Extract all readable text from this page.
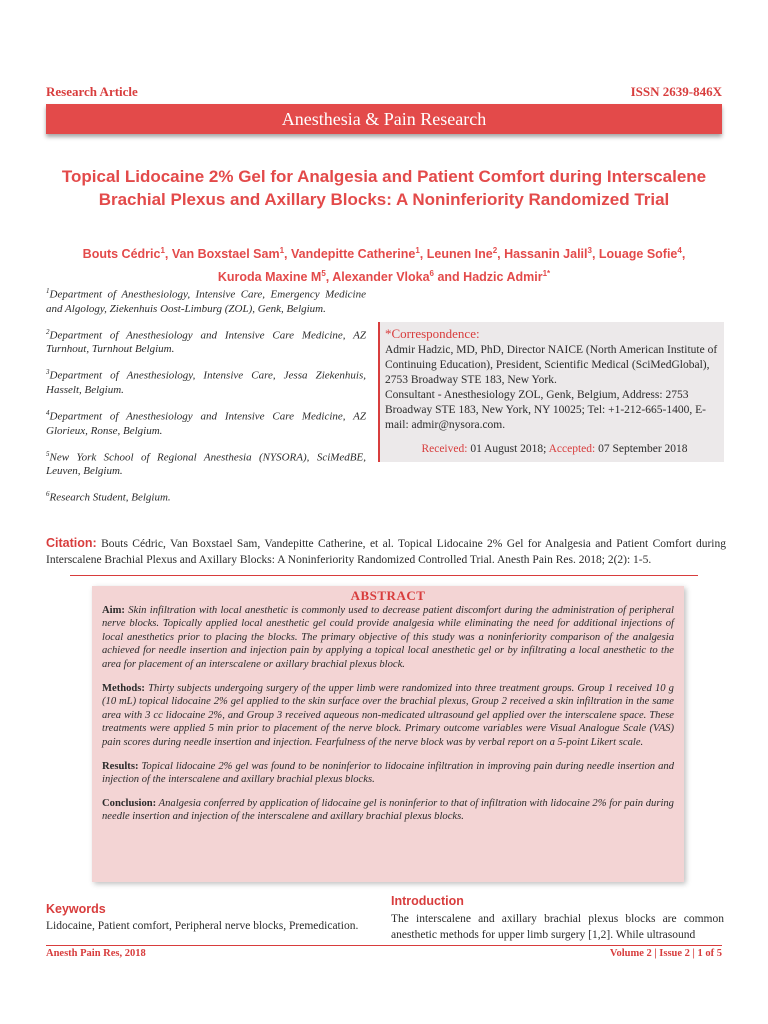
Research Article	ISSN 2639-846X
Anesthesia & Pain Research
Topical Lidocaine 2% Gel for Analgesia and Patient Comfort during Interscalene Brachial Plexus and Axillary Blocks: A Noninferiority Randomized Trial
Bouts Cédric$^1$, Van Boxstael Sam$^1$, Vandepitte Catherine$^1$, Leunen Ine$^2$, Hassanin Jalil$^3$, Louage Sofie$^4$,
Kuroda Maxine $M^5$, Alexander Vloka$^6$ and Hadzic Admir$^{1*}$
$^1$Department of Anesthesiology, Intensive Care, Emergency Medicine and Algology, Ziekenhuis Oost-Limburg (ZOL), Genk, Belgium.
$^2$Department of Anesthesiology and Intensive Care Medicine, AZ Turnhout, Turnhout Belgium.
$^3$Department of Anesthesiology, Intensive Care, Jessa Ziekenhuis, Hasselt, Belgium.
$^4$Department of Anesthesiology and Intensive Care Medicine, AZ Glorieux, Ronse, Belgium.
$^5$New York School of Regional Anesthesia (NYSORA), SciMedBE, Leuven, Belgium.
$^6$Research Student, Belgium.
*Correspondence:
Admir Hadzic, MD, PhD, Director NAICE (North American Institute of Continuing Education), President, Scientific Medical (SciMedGlobal), 2753 Broadway STE 183, New York.
Consultant - Anesthesiology ZOL, Genk, Belgium, Address: 2753 Broadway STE 183, New York, NY 10025; Tel: +1-212-665-1400, E-mail: admir@nysora.com.
Received: 01 August 2018; Accepted: 07 September 2018
Citation: Bouts Cédric, Van Boxstael Sam, Vandepitte Catherine, et al. Topical Lidocaine 2% Gel for Analgesia and Patient Comfort during Interscalene Brachial Plexus and Axillary Blocks: A Noninferiority Randomized Controlled Trial. Anesth Pain Res. 2018; 2(2): 1-5.
ABSTRACT

Aim: Skin infiltration with local anesthetic is commonly used to decrease patient discomfort during the administration of peripheral nerve blocks. Topically applied local anesthetic gel could provide analgesia while eliminating the need for additional injections of local anesthetics prior to placing the blocks. The primary objective of this study was a noninferiority comparison of the analgesia achieved for needle insertion and injection pain by applying a topical local anesthetic gel or by infiltrating a local anesthetic to the area for placement of an interscalene or axillary brachial plexus block.

Methods: Thirty subjects undergoing surgery of the upper limb were randomized into three treatment groups. Group 1 received 10 g (10 mL) topical lidocaine 2% gel applied to the skin surface over the brachial plexus, Group 2 received a skin infiltration in the same area with 3 cc lidocaine 2%, and Group 3 received aqueous non-medicated ultrasound gel applied over the interscalene space. These treatments were applied 5 min prior to placement of the nerve block. Primary outcome variables were Visual Analogue Scale (VAS) pain scores during needle insertion and injection. Fearfulness of the nerve block was by verbal report on a 5-point Likert scale.

Results: Topical lidocaine 2% gel was found to be noninferior to lidocaine infiltration in improving pain during needle insertion and injection of the interscalene and axillary brachial plexus blocks.

Conclusion: Analgesia conferred by application of lidocaine gel is noninferior to that of infiltration with lidocaine 2% for pain during needle insertion and injection of the interscalene and axillary brachial plexus blocks.

Keywords
Lidocaine, Patient comfort, Peripheral nerve blocks, Premedication.
Introduction
The interscalene and axillary brachial plexus blocks are common anesthetic methods for upper limb surgery [1,2]. While ultrasound
Anesth Pain Res, 2018	Volume 2 | Issue 2 | 1 of 5
